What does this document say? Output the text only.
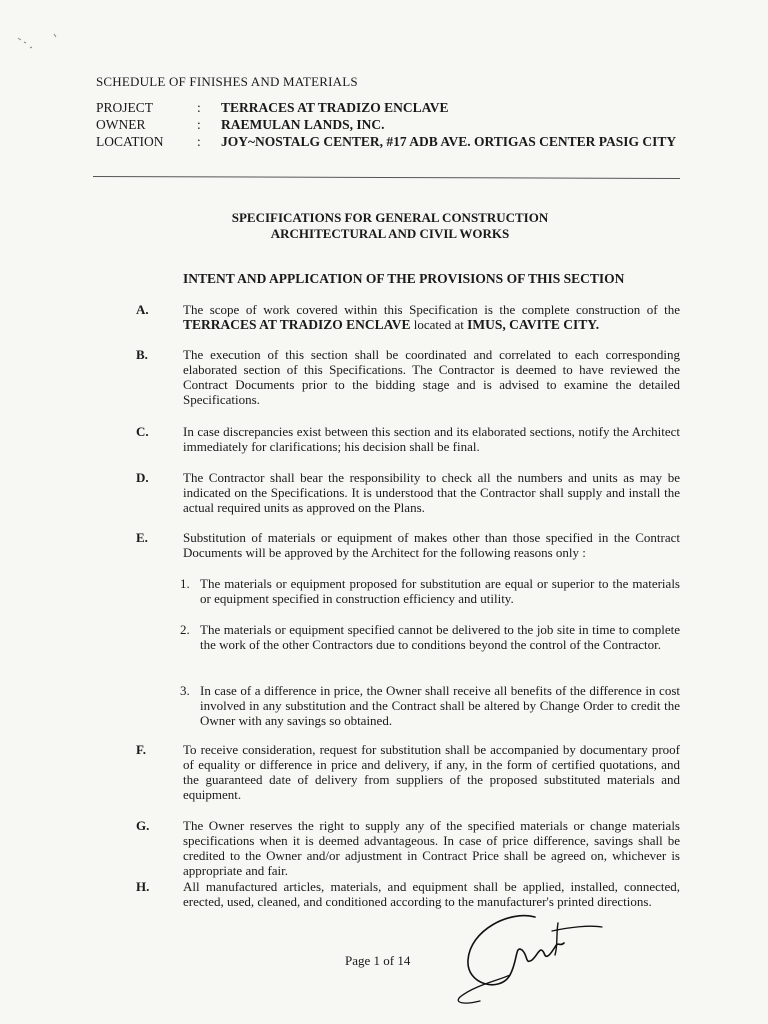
SCHEDULE OF FINISHES AND MATERIALS
PROJECT	:	TERRACES AT TRADIZO ENCLAVE
OWNER	:	RAEMULAN LANDS, INC.
LOCATION	:	JOY~NOSTALG CENTER, #17 ADB AVE. ORTIGAS CENTER PASIG CITY
SPECIFICATIONS FOR GENERAL CONSTRUCTION
ARCHITECTURAL AND CIVIL WORKS
INTENT AND APPLICATION OF THE PROVISIONS OF THIS SECTION
A.	The scope of work covered within this Specification is the complete construction of the TERRACES AT TRADIZO ENCLAVE located at IMUS, CAVITE CITY.
B.	The execution of this section shall be coordinated and correlated to each corresponding elaborated section of this Specifications. The Contractor is deemed to have reviewed the Contract Documents prior to the bidding stage and is advised to examine the detailed Specifications.
C.	In case discrepancies exist between this section and its elaborated sections, notify the Architect immediately for clarifications; his decision shall be final.
D.	The Contractor shall bear the responsibility to check all the numbers and units as may be indicated on the Specifications. It is understood that the Contractor shall supply and install the actual required units as approved on the Plans.
E.	Substitution of materials or equipment of makes other than those specified in the Contract Documents will be approved by the Architect for the following reasons only :
1. The materials or equipment proposed for substitution are equal or superior to the materials or equipment specified in construction efficiency and utility.
2. The materials or equipment specified cannot be delivered to the job site in time to complete the work of the other Contractors due to conditions beyond the control of the Contractor.
3. In case of a difference in price, the Owner shall receive all benefits of the difference in cost involved in any substitution and the Contract shall be altered by Change Order to credit the Owner with any savings so obtained.
F.	To receive consideration, request for substitution shall be accompanied by documentary proof of equality or difference in price and delivery, if any, in the form of certified quotations, and the guaranteed date of delivery from suppliers of the proposed substituted materials and equipment.
G.	The Owner reserves the right to supply any of the specified materials or change materials specifications when it is deemed advantageous. In case of price difference, savings shall be credited to the Owner and/or adjustment in Contract Price shall be agreed on, whichever is appropriate and fair.
H.	All manufactured articles, materials, and equipment shall be applied, installed, connected, erected, used, cleaned, and conditioned according to the manufacturer's printed directions.
Page 1 of 14
